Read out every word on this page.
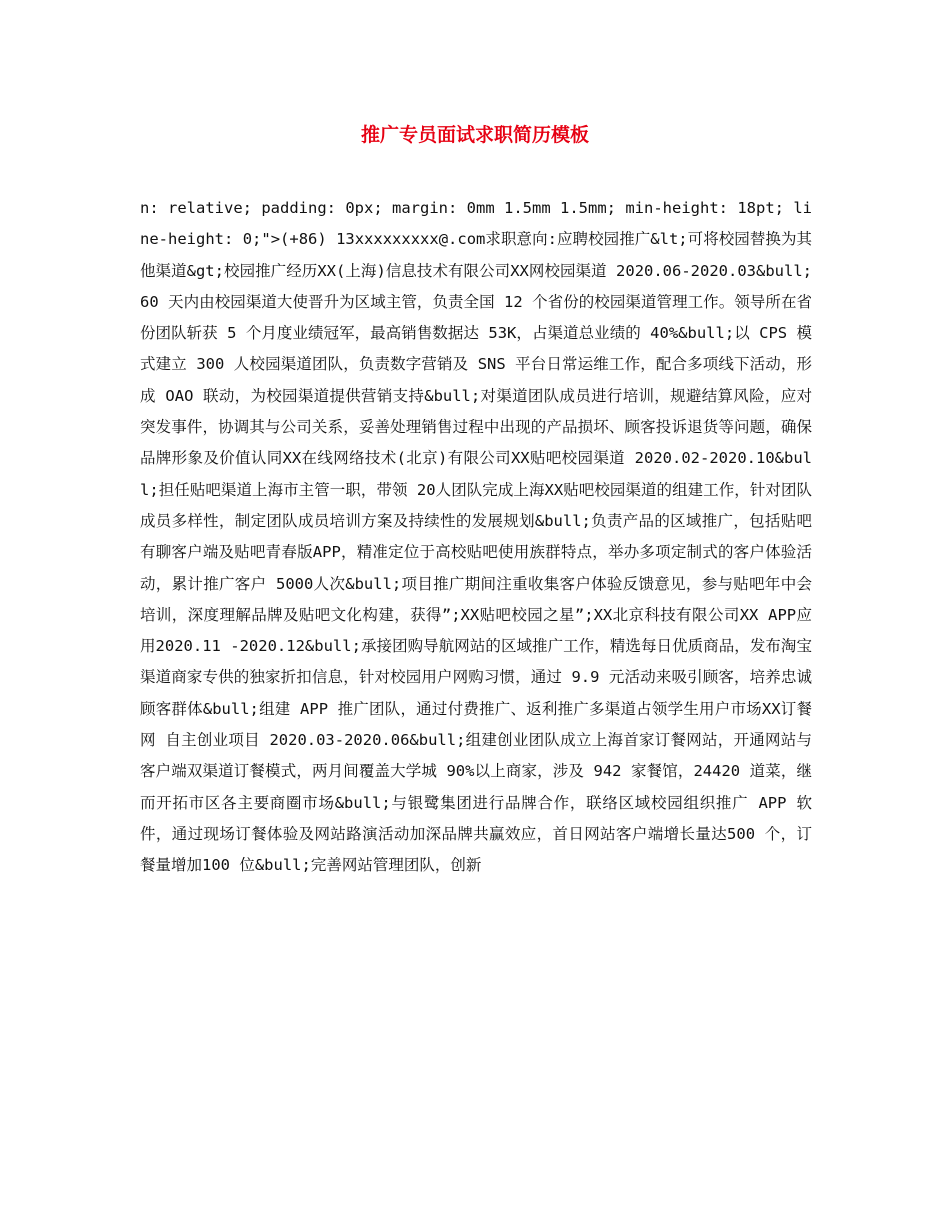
推广专员面试求职简历模板

n: relative; padding: 0px; margin: 0mm 1.5mm 1.5mm; min-height: 18pt; line-height: 0;">(+86) 13xxxxxxxxx@.com求职意向:应聘校园推广&lt;可将校园替换为其他渠道&gt;校园推广经历XX(上海)信息技术有限公司XX网校园渠道 2020.06-2020.03&bull;60 天内由校园渠道大使晋升为区域主管，负责全国 12 个省份的校园渠道管理工作。领导所在省份团队斩获 5 个月度业绩冠军，最高销售数据达 53K，占渠道总业绩的 40%&bull;以 CPS 模式建立 300 人校园渠道团队，负责数字营销及 SNS 平台日常运维工作，配合多项线下活动，形成 OAO 联动，为校园渠道提供营销支持&bull;对渠道团队成员进行培训，规避结算风险，应对突发事件，协调其与公司关系，妥善处理销售过程中出现的产品损坏、顾客投诉退货等问题，确保品牌形象及价值认同XX在线网络技术(北京)有限公司XX贴吧校园渠道 2020.02-2020.10&bull;担任贴吧渠道上海市主管一职，带领 20人团队完成上海XX贴吧校园渠道的组建工作，针对团队成员多样性，制定团队成员培训方案及持续性的发展规划&bull;负责产品的区域推广，包括贴吧有聊客户端及贴吧青春版APP，精准定位于高校贴吧使用族群特点，举办多项定制式的客户体验活动，累计推广客户 5000人次&bull;项目推广期间注重收集客户体验反馈意见，参与贴吧年中会培训，深度理解品牌及贴吧文化构建，获得”;XX贴吧校园之星”;XX北京科技有限公司XX APP应用2020.11 -2020.12&bull;承接团购导航网站的区域推广工作，精选每日优质商品，发布淘宝渠道商家专供的独家折扣信息，针对校园用户网购习惯，通过 9.9 元活动来吸引顾客，培养忠诚顾客群体&bull;组建 APP 推广团队，通过付费推广、返利推广多渠道占领学生用户市场XX订餐网 自主创业项目 2020.03-2020.06&bull;组建创业团队成立上海首家订餐网站，开通网站与客户端双渠道订餐模式，两月间覆盖大学城 90%以上商家，涉及 942 家餐馆，24420 道菜，继而开拓市区各主要商圈市场&bull;与银鹭集团进行品牌合作，联络区域校园组织推广 APP 软件，通过现场订餐体验及网站路演活动加深品牌共赢效应，首日网站客户端增长量达500 个，订餐量增加100 位&bull;完善网站管理团队，创新
